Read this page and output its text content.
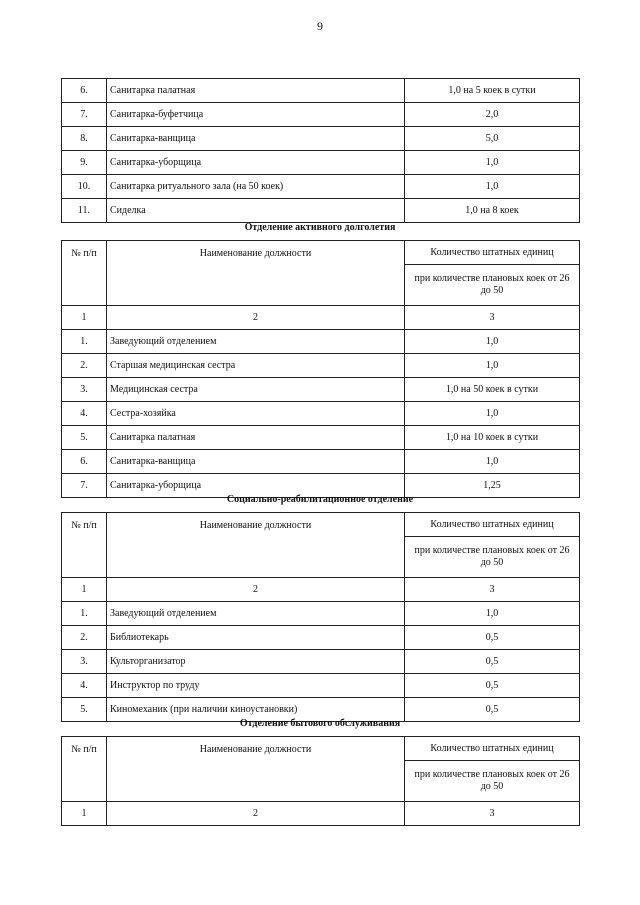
9
6.	Санитарка палатная	1,0 на 5 коек в сутки
7.	Санитарка-буфетчица	2,0
8.	Санитарка-ванщица	5,0
9.	Санитарка-уборщица	1,0
10.	Санитарка ритуального зала (на 50 коек)	1,0
11.	Сиделка	1,0 на 8 коек
Отделение активного долголетия
№ п/п	Наименование должности	Количество штатных единиц
		при количестве плановых коек от 26 до 50
1	2	3
1.	Заведующий отделением	1,0
2.	Старшая медицинская сестра	1,0
3.	Медицинская сестра	1,0 на 50 коек в сутки
4.	Сестра-хозяйка	1,0
5.	Санитарка палатная	1,0 на 10 коек в сутки
6.	Санитарка-ванщица	1,0
7.	Санитарка-уборщица	1,25
Социально-реабилитационное отделение
№ п/п	Наименование должности	Количество штатных единиц
		при количестве плановых коек от 26 до 50
1	2	3
1.	Заведующий отделением	1,0
2.	Библиотекарь	0,5
3.	Культорганизатор	0,5
4.	Инструктор по труду	0,5
5.	Киномеханик (при наличии киноустановки)	0,5
Отделение бытового обслуживания
№ п/п	Наименование должности	Количество штатных единиц
		при количестве плановых коек от 26 до 50
1	2	3
